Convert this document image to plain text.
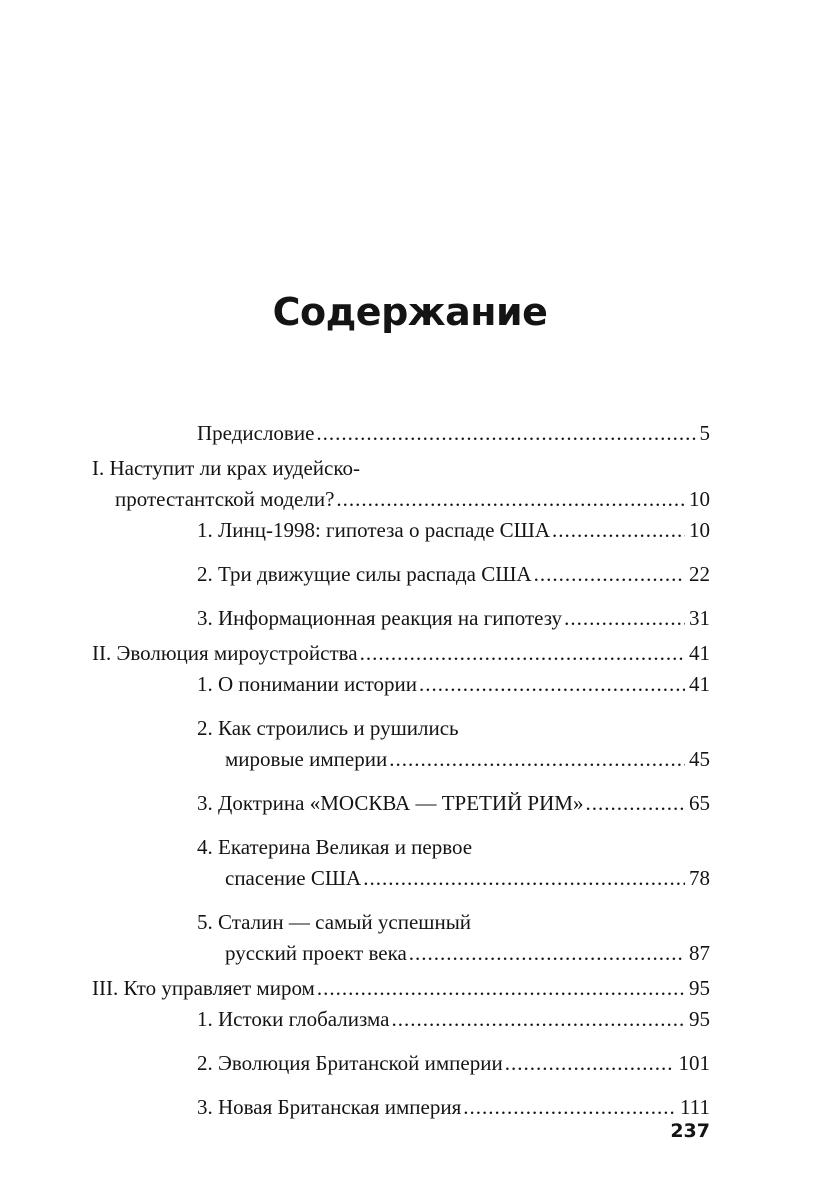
Содержание
Предисловие .....	5
I. Наступит ли крах иудейско-
протестантской модели? .....	10
1. Линц-1998: гипотеза о распаде США .....	10
2. Три движущие силы распада США .....	22
3. Информационная реакция на гипотезу .....	31
II. Эволюция мироустройства .....	41
1. О понимании истории .....	41
2. Как строились и рушились
мировые империи .....	45
3. Доктрина «МОСКВА — ТРЕТИЙ РИМ» .....	65
4. Екатерина Великая и первое
спасение США .....	78
5. Сталин — самый успешный
русский проект века .....	87
III. Кто управляет миром .....	95
1. Истоки глобализма .....	95
2. Эволюция Британской империи .....	101
3. Новая Британская империя .....	111
237
